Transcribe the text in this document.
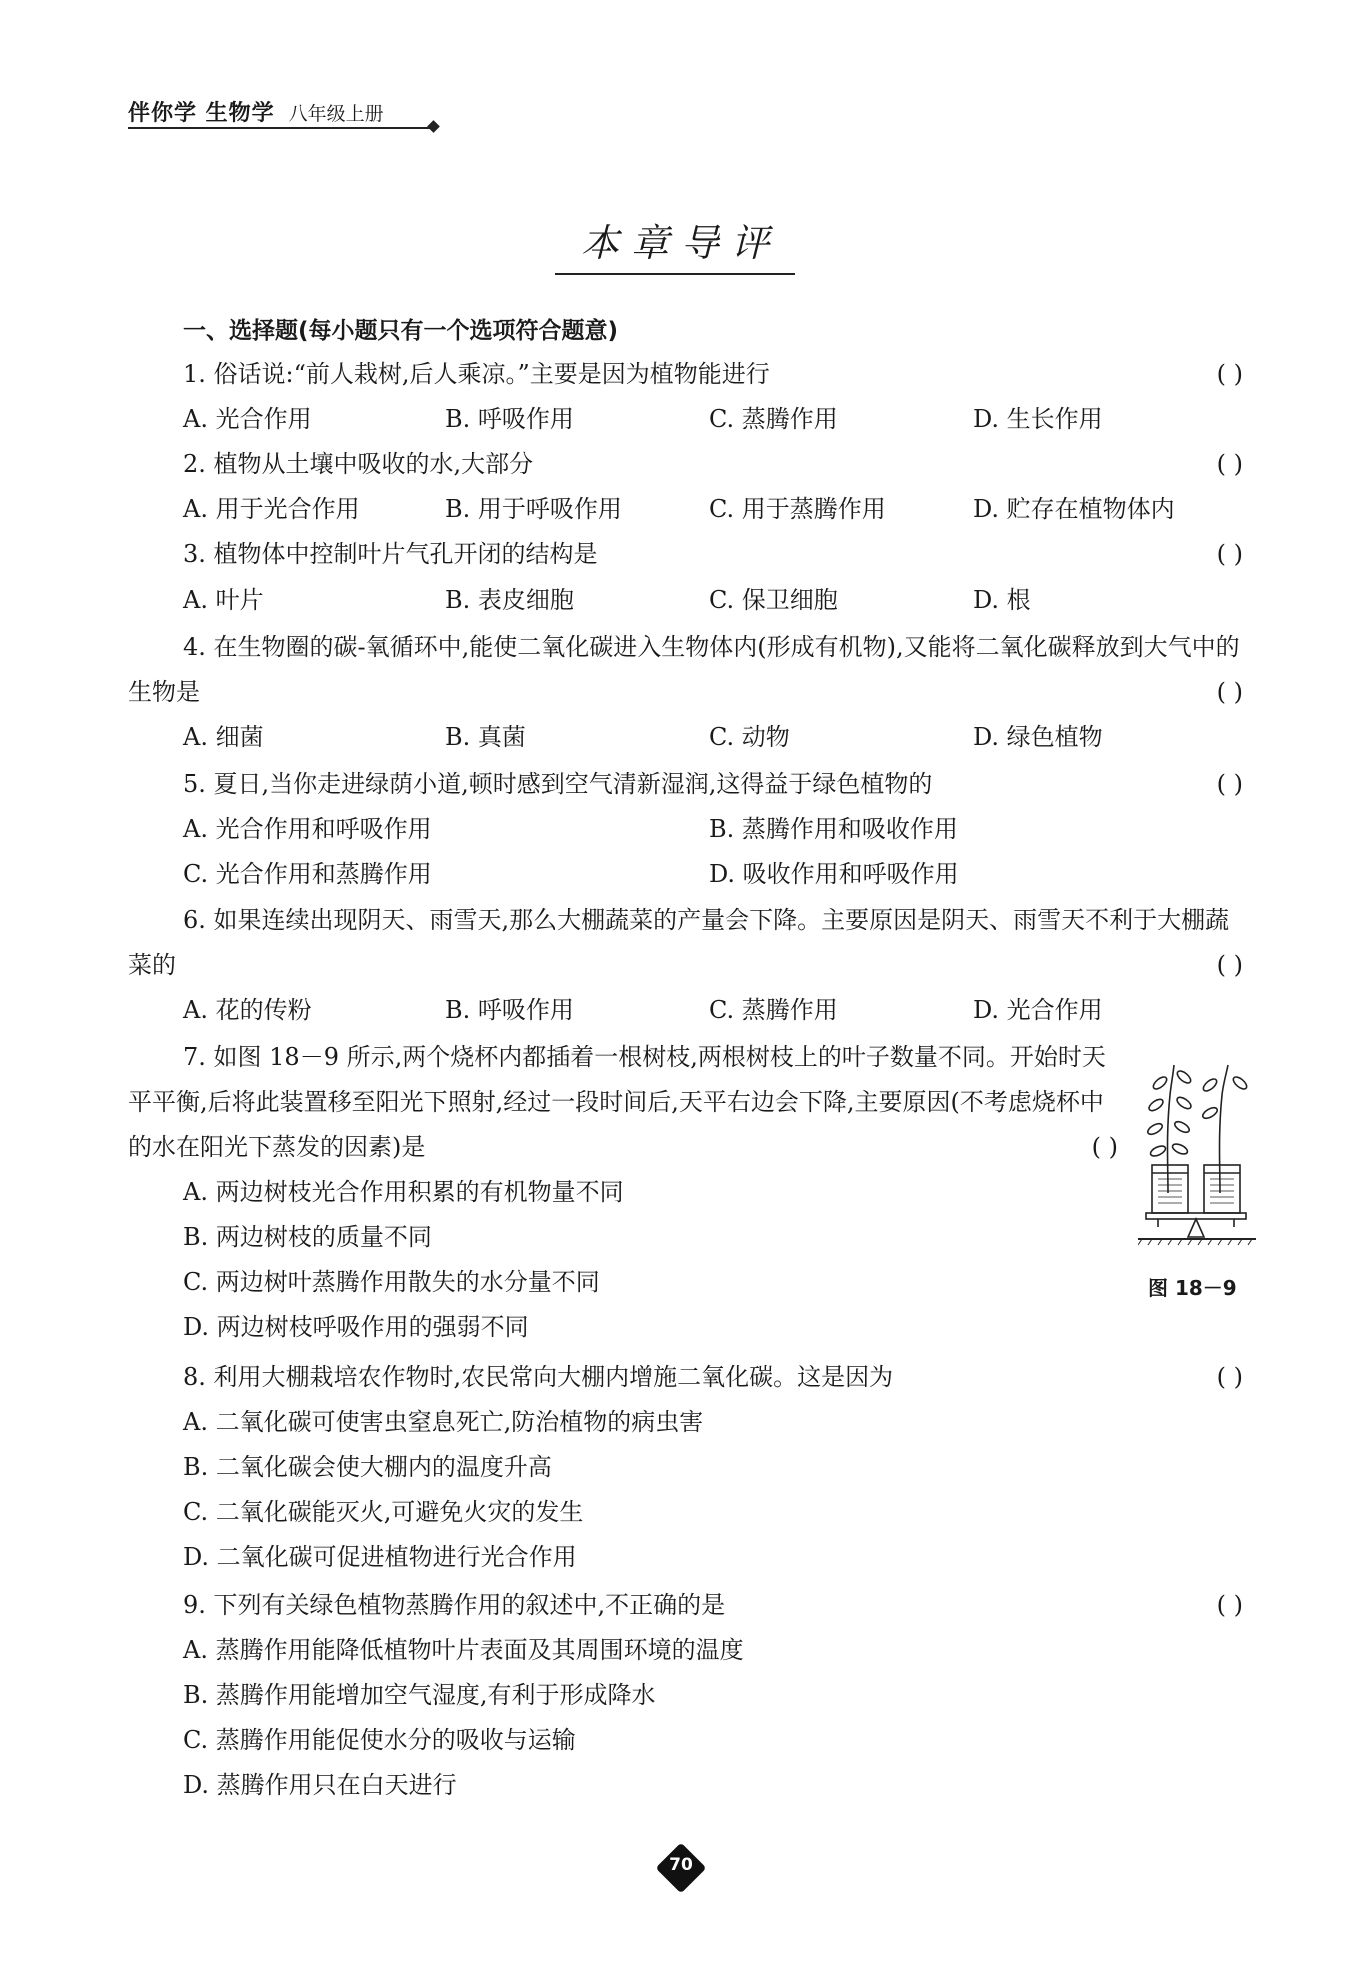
伴你学 生物学 八年级上册
本章导评
一、选择题(每小题只有一个选项符合题意)
1. 俗话说:“前人栽树,后人乘凉。”主要是因为植物能进行	( )
A. 光合作用	B. 呼吸作用	C. 蒸腾作用	D. 生长作用
2. 植物从土壤中吸收的水,大部分	( )
A. 用于光合作用	B. 用于呼吸作用	C. 用于蒸腾作用	D. 贮存在植物体内
3. 植物体中控制叶片气孔开闭的结构是	( )
A. 叶片	B. 表皮细胞	C. 保卫细胞	D. 根
4. 在生物圈的碳-氧循环中,能使二氧化碳进入生物体内(形成有机物),又能将二氧化碳释放到大气中的生物是	( )
A. 细菌	B. 真菌	C. 动物	D. 绿色植物
5. 夏日,当你走进绿荫小道,顿时感到空气清新湿润,这得益于绿色植物的	( )
A. 光合作用和呼吸作用	B. 蒸腾作用和吸收作用
C. 光合作用和蒸腾作用	D. 吸收作用和呼吸作用
6. 如果连续出现阴天、雨雪天,那么大棚蔬菜的产量会下降。主要原因是阴天、雨雪天不利于大棚蔬菜的	( )
A. 花的传粉	B. 呼吸作用	C. 蒸腾作用	D. 光合作用
7. 如图 18－9 所示,两个烧杯内都插着一根树枝,两根树枝上的叶子数量不同。开始时天平平衡,后将此装置移至阳光下照射,经过一段时间后,天平右边会下降,主要原因(不考虑烧杯中的水在阳光下蒸发的因素)是	( )
A. 两边树枝光合作用积累的有机物量不同
B. 两边树枝的质量不同
C. 两边树叶蒸腾作用散失的水分量不同
D. 两边树枝呼吸作用的强弱不同
图 18－9
8. 利用大棚栽培农作物时,农民常向大棚内增施二氧化碳。这是因为	( )
A. 二氧化碳可使害虫窒息死亡,防治植物的病虫害
B. 二氧化碳会使大棚内的温度升高
C. 二氧化碳能灭火,可避免火灾的发生
D. 二氧化碳可促进植物进行光合作用
9. 下列有关绿色植物蒸腾作用的叙述中,不正确的是	( )
A. 蒸腾作用能降低植物叶片表面及其周围环境的温度
B. 蒸腾作用能增加空气湿度,有利于形成降水
C. 蒸腾作用能促使水分的吸收与运输
D. 蒸腾作用只在白天进行
70
